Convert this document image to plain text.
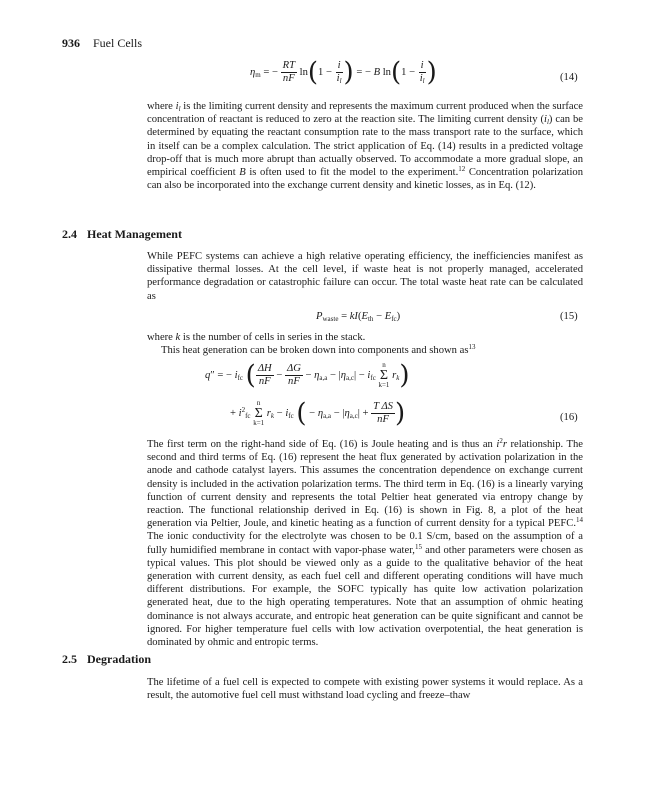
936 Fuel Cells
$\eta_m$ = − $\frac{RT}{nF} \ln(1 - \frac{i}{i_l}$ ) = − B $\ln(1 - \frac{i}{i_l}$ )	(14)
where $i_l$ is the limiting current density and represents the maximum current produced when the surface concentration of reactant is reduced to zero at the reaction site. The limiting current density $(i_l)$ can be determined by equating the reactant consumption rate to the mass transport rate to the surface, which in itself can be a complex calculation. The strict application of Eq. (14) results in a predicted voltage drop-off that is much more abrupt than actually observed. To accommodate a more gradual slope, an empirical coefficient B is often used to fit the model to the experiment.$^{12}$ Concentration polarization can also be incorporated into the exchange current density and kinetic losses, as in Eq. (12).
2.4 Heat Management
While PEFC systems can achieve a high relative operating efficiency, the inefficiencies manifest as dissipative thermal losses. At the cell level, if waste heat is not properly managed, accelerated performance degradation or catastrophic failure can occur. The total waste heat rate can be calculated as
$P_{waste} = kI(E_{th} - E_{fc})$	(15)
where k is the number of cells in series in the stack.
This heat generation can be broken down into components and shown $as^{13}$
q″ = − $i_{fc}$ ( $\frac{\Delta H}{nF} - \frac{\Delta G}{nF} - \eta_{a,a} - |\eta_{a,c}| - i_{fc}$
n
Σ
k=1
$r_k$)
+ $i^2_{fc}$
n
Σ
k=1
$r_k - i_{fc}$ ( − $\eta_{a,a} - |\eta_{a,c}| + \frac{\text{T ΔS}}{nF}$ )	(16)
The first term on the right-hand side of Eq. (16) is Joule heating and is thus an $i^2r$ relationship. The second and third terms of Eq. (16) represent the heat flux generated by activation polarization in the anode and cathode catalyst layers. This assumes the concentration dependence on exchange current density is included in the activation polarization terms. The third term in Eq. (16) is a linearly varying function of current density and represents the total Peltier heat generated via entropy change by reaction. The functional relationship derived in Eq. (16) is shown in Fig. 8, a plot of the heat generation via Peltier, Joule, and kinetic heating as a function of current density for a typical PEFC.$^{14}$ The ionic conductivity for the electrolyte was chosen to be 0.1 S/cm, based on the assumption of a fully humidified membrane in contact with vapor-phase water,$^{15}$ and other parameters were chosen as typical values. This plot should be viewed only as a guide to the qualitative behavior of the heat generation with current density, as each fuel cell and different operating conditions will have much different distributions. For example, the SOFC typically has quite low activation polarization generated heat, due to the high operating temperatures. Note that an assumption of ohmic heating dominance is not always accurate, and entropic heat generation can be quite significant and cannot be ignored. For higher temperature fuel cells with low activation overpotential, the heat generation is dominated by ohmic and entropic terms.
2.5 Degradation
The lifetime of a fuel cell is expected to compete with existing power systems it would replace. As a result, the automotive fuel cell must withstand load cycling and freeze–thaw
